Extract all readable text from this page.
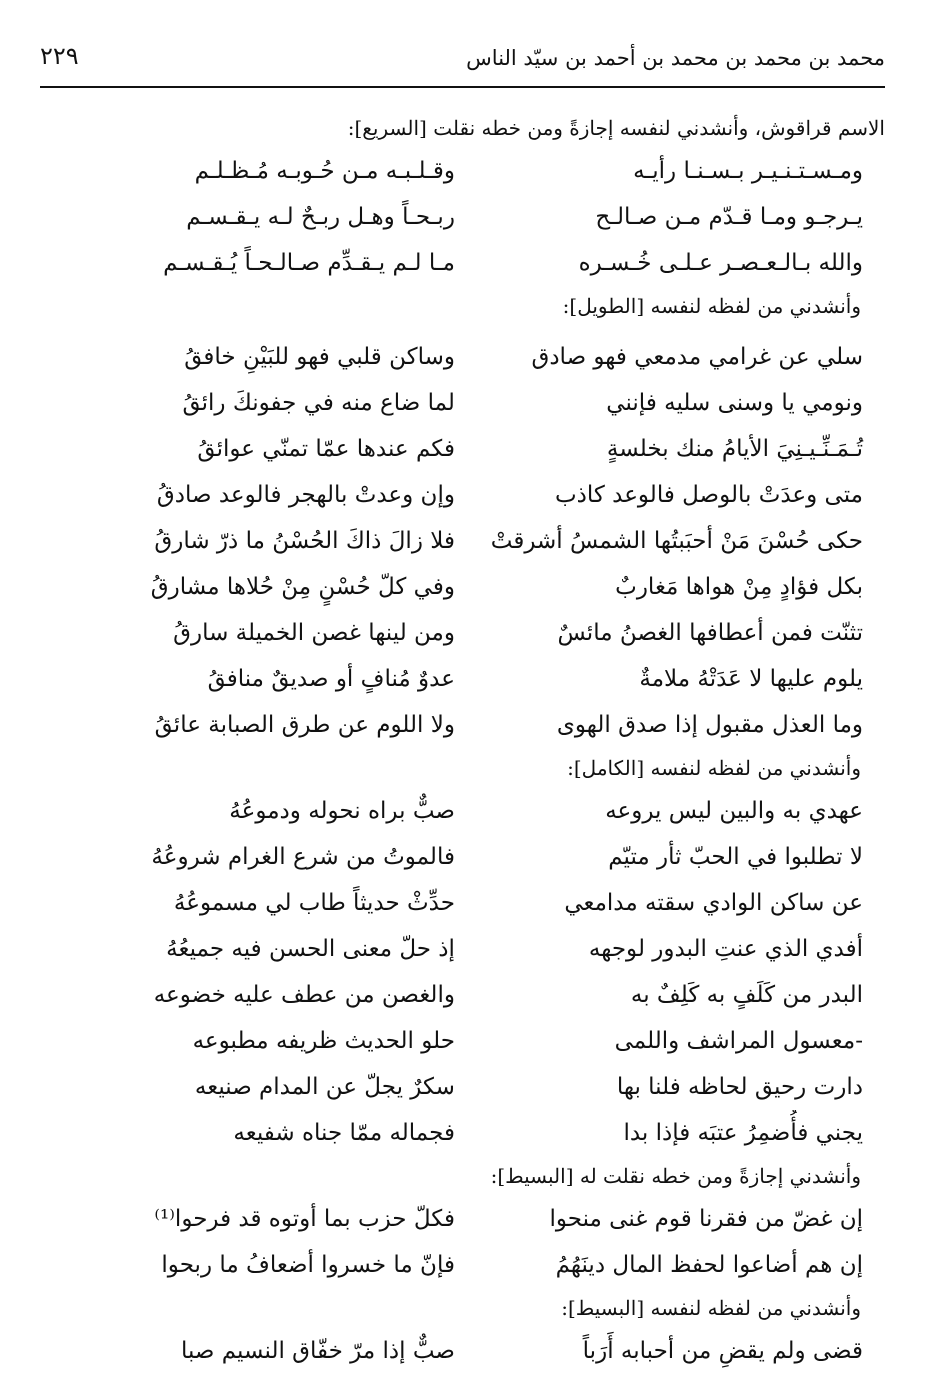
٢٢٩	محمد بن محمد بن محمد بن أحمد بن سيّد الناس
الاسم قراقوش، وأنشدني لنفسه إجازةً ومن خطه نقلت [السريع]:
ومـسـتـنـيـر بـسـنـا رأيـه
وقـلـبـه مـن حُـوبـه مُـظـلـم
يـرجـو ومـا قـدّم مـن صـالـح
ربـحـاً وهـل ربـحٌ لـه يـقـسـم
والله بـالـعـصـر عـلـى خُـسـره
مـا لـم يـقـدِّم صـالـحـاً يُـقـسـم
وأنشدني من لفظه لنفسه [الطويل]:
سلي عن غرامي مدمعي فهو صادق
وساكن قلبي فهو للبَيْنِ خافقُ
ونومي يا وسنى سليه فإنني
لما ضاع منه في جفونكَ رائقُ
تُـمَـنِّـيـنِيَ الأيامُ منك بخلسةٍ
فكم عندها عمّا تمنّي عوائقُ
متى وعدَتْ بالوصل فالوعد كاذب
وإن وعدتْ بالهجر فالوعد صادقُ
حكى حُسْنَ مَنْ أحبَبتُها الشمسُ أشرقتْ
فلا زالَ ذاكَ الحُسْنُ ما ذرّ شارقُ
بكل فؤادٍ مِنْ هواها مَغاربٌ
وفي كلّ حُسْنٍ مِنْ حُلاها مشارقُ
تثنّت فمن أعطافها الغصنُ مائسٌ
ومن لينها غصن الخميلة سارقُ
يلوم عليها لا عَدَتْهُ ملامةٌ
عدوٌ مُنافٍ أو صديقٌ منافقُ
وما العذل مقبول إذا صدق الهوى
ولا اللوم عن طرق الصبابة عائقُ
وأنشدني من لفظه لنفسه [الكامل]:
عهدي به والبين ليس يروعه
صبٌّ براه نحوله ودموعُهُ
لا تطلبوا في الحبّ ثأر متيّم
فالموتُ من شرع الغرام شروعُهُ
عن ساكن الوادي سقته مدامعي
حدِّثْ حديثاً طاب لي مسموعُهُ
أفدي الذي عنتِ البدور لوجهه
إذ حلّ معنى الحسن فيه جميعُهُ
البدر من كَلَفٍ به كَلِفٌ به
والغصن من عطف عليه خضوعه
-معسول المراشف واللمى
حلو الحديث ظريفه مطبوعه
دارت رحيق لحاظه فلنا بها
سكرٌ يجلّ عن المدام صنيعه
يجني فأُضمِرُ عتبَه فإذا بدا
فجماله ممّا جناه شفيعه
وأنشدني إجازةً ومن خطه نقلت له [البسيط]:
إن غضّ من فقرنا قوم غنى منحوا
فكلّ حزب بما أوتوه قد فرحوا⁽¹⁾
إن هم أضاعوا لحفظ المال دينَهُمُ
فإنّ ما خسروا أضعافُ ما ربحوا
وأنشدني من لفظه لنفسه [البسيط]:
قضى ولم يقضِ من أحبابه أَرَباً
صبٌّ إذا مرّ خفّاق النسيم صبا
